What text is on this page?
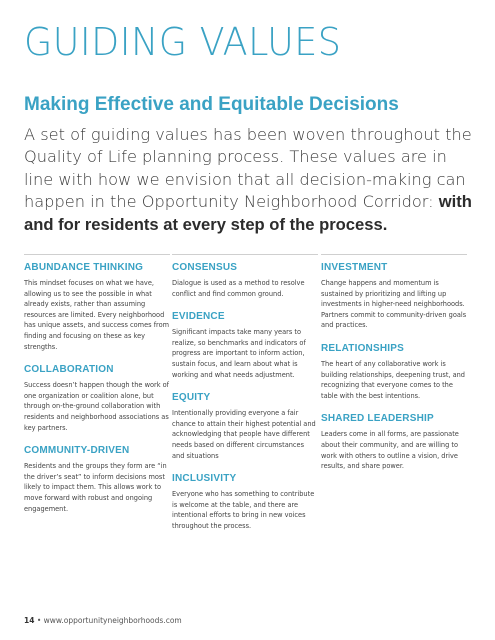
GUIDING VALUES
Making Effective and Equitable Decisions

A set of guiding values has been woven throughout the Quality of Life planning process. These values are in line with how we envision that all decision-making can happen in the Opportunity Neighborhood Corridor: with and for residents at every step of the process.

ABUNDANCE THINKING

This mindset focuses on what we have, allowing us to see the possible in what already exists, rather than assuming resources are limited. Every neighborhood has unique assets, and success comes from finding and focusing on these as key strengths.

COLLABORATION

Success doesn’t happen though the work of one organization or coalition alone, but through on-the-ground collaboration with residents and neighborhood associations as key partners.

COMMUNITY-DRIVEN

Residents and the groups they form are “in the driver’s seat” to inform decisions most likely to impact them. This allows work to move forward with robust and ongoing engagement.

CONSENSUS

Dialogue is used as a method to resolve conflict and find common ground.

EVIDENCE

Significant impacts take many years to realize, so benchmarks and indicators of progress are important to inform action, sustain focus, and learn about what is working and what needs adjustment.

EQUITY

Intentionally providing everyone a fair chance to attain their highest potential and acknowledging that people have different needs based on different circumstances and situations

INCLUSIVITY

Everyone who has something to contribute is welcome at the table, and there are intentional efforts to bring in new voices throughout the process.

INVESTMENT

Change happens and momentum is sustained by prioritizing and lifting up investments in higher-need neighborhoods. Partners commit to community-driven goals and practices.

RELATIONSHIPS

The heart of any collaborative work is building relationships, deepening trust, and recognizing that everyone comes to the table with the best intentions.

SHARED LEADERSHIP

Leaders come in all forms, are passionate about their community, and are willing to work with others to outline a vision, drive results, and share power.

14 • www.opportunityneighborhoods.com
